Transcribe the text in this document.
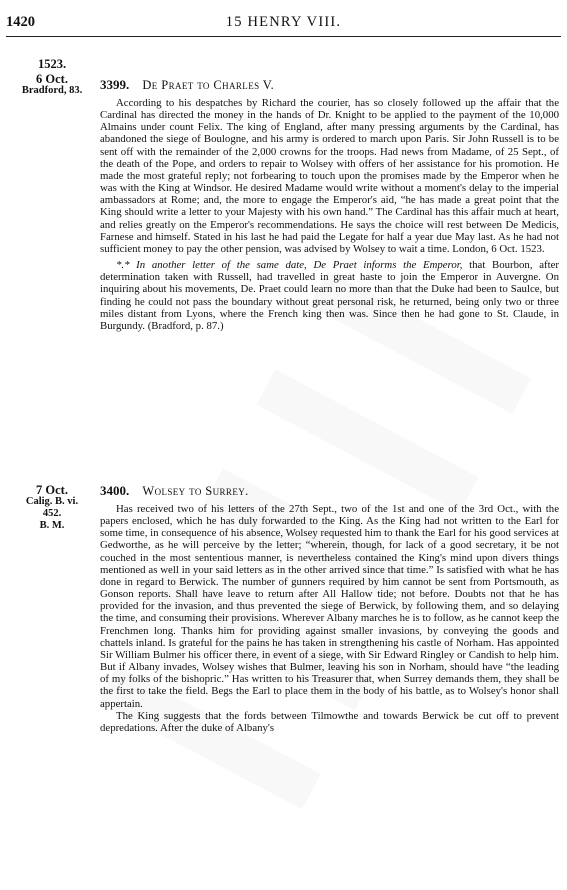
1420	15 HENRY VIII.
1523.
6 Oct.
Bradford, 83.	3399. De Praet to Charles V.

According to his despatches by Richard the courier, has so closely followed up the affair that the Cardinal has directed the money in the hands of Dr. Knight to be applied to the payment of the 10,000 Almains under count Felix. The king of England, after many pressing arguments by the Cardinal, has abandoned the siege of Boulogne, and his army is ordered to march upon Paris. Sir John Russell is to be sent off with the remainder of the 2,000 crowns for the troops. Had news from Madame, of 25 Sept., of the death of the Pope, and orders to repair to Wolsey with offers of her assistance for his promotion. He made the most grateful reply; not forbearing to touch upon the promises made by the Emperor when he was with the King at Windsor. He desired Madame would write without a moment's delay to the imperial ambassadors at Rome; and, the more to engage the Emperor's aid, “he has made a great point that the King should write a letter to your Majesty with his own hand.” The Cardinal has this affair much at heart, and relies greatly on the Emperor's recommendations. He says the choice will rest between De Medicis, Farnese and himself. Stated in his last he had paid the Legate for half a year due May last. As he had not sufficient money to pay the other pension, was advised by Wolsey to wait a time. London, 6 Oct. 1523.

*.* In another letter of the same date, De Praet informs the Emperor, that Bourbon, after determination taken with Russell, had travelled in great haste to join the Emperor in Auvergne. On inquiring about his movements, De. Praet could learn no more than that the Duke had been to Saulce, but finding he could not pass the boundary without great personal risk, he returned, being only two or three miles distant from Lyons, where the French king then was. Since then he had gone to St. Claude, in Burgundy. (Bradford, p. 87.)

7 Oct.
Calig. B. vi.
452.
B. M.
3400. Wolsey to Surrey.

Has received two of his letters of the 27th Sept., two of the 1st and one of the 3rd Oct., with the papers enclosed, which he has duly forwarded to the King. As the King had not written to the Earl for some time, in consequence of his absence, Wolsey requested him to thank the Earl for his good services at Gedworthe, as he will perceive by the letter; “wherein, though, for lack of a good secretary, it be not couched in the most sententious manner, is nevertheless contained the King's mind upon divers things mentioned as well in your said letters as in the other arrived since that time.” Is satisfied with what he has done in regard to Berwick. The number of gunners required by him cannot be sent from Portsmouth, as Gonson reports. Shall have leave to return after All Hallow tide; not before. Doubts not that he has provided for the invasion, and thus prevented the siege of Berwick, by following them, and so delaying the time, and consuming their provisions. Wherever Albany marches he is to follow, as he cannot keep the Frenchmen long. Thanks him for providing against smaller invasions, by conveying the goods and chattels inland. Is grateful for the pains he has taken in strengthening his castle of Norham. Has appointed Sir William Bulmer his officer there, in event of a siege, with Sir Edward Ringley or Candish to help him. But if Albany invades, Wolsey wishes that Bulmer, leaving his son in Norham, should have “the leading of my folks of the bishopric.” Has written to his Treasurer that, when Surrey demands them, they shall be the first to take the field. Begs the Earl to place them in the body of his battle, as to Wolsey's honor shall appertain.

The King suggests that the fords between Tilmowthe and towards Berwick be cut off to prevent depredations. After the duke of Albany's
